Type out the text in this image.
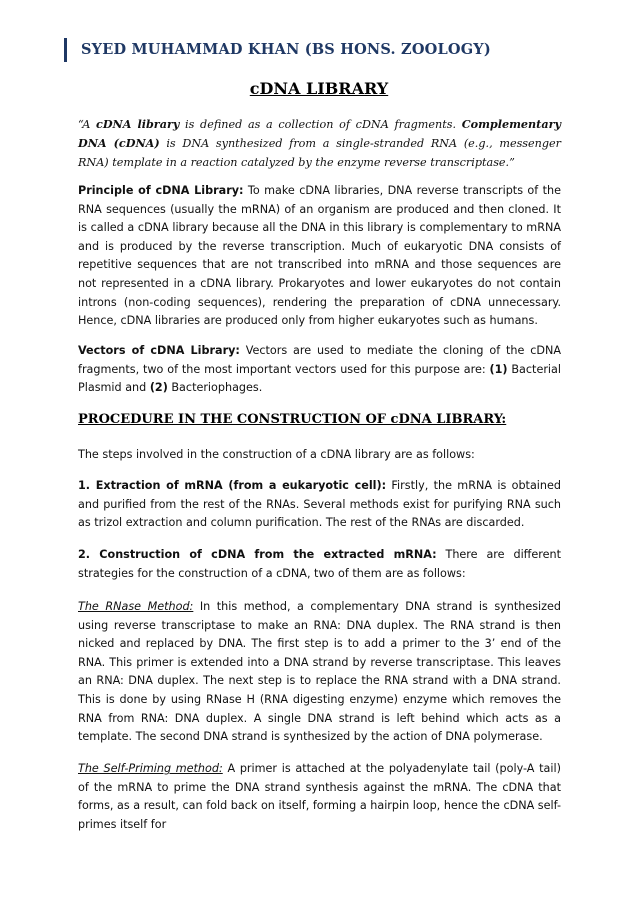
SYED MUHAMMAD KHAN (BS HONS. ZOOLOGY)
cDNA LIBRARY
“A cDNA library is defined as a collection of cDNA fragments. Complementary DNA (cDNA) is DNA synthesized from a single-stranded RNA (e.g., messenger RNA) template in a reaction catalyzed by the enzyme reverse transcriptase.”
Principle of cDNA Library: To make cDNA libraries, DNA reverse transcripts of the RNA sequences (usually the mRNA) of an organism are produced and then cloned. It is called a cDNA library because all the DNA in this library is complementary to mRNA and is produced by the reverse transcription. Much of eukaryotic DNA consists of repetitive sequences that are not transcribed into mRNA and those sequences are not represented in a cDNA library. Prokaryotes and lower eukaryotes do not contain introns (non-coding sequences), rendering the preparation of cDNA unnecessary. Hence, cDNA libraries are produced only from higher eukaryotes such as humans.
Vectors of cDNA Library: Vectors are used to mediate the cloning of the cDNA fragments, two of the most important vectors used for this purpose are: (1) Bacterial Plasmid and (2) Bacteriophages.
PROCEDURE IN THE CONSTRUCTION OF cDNA LIBRARY:
The steps involved in the construction of a cDNA library are as follows:
1. Extraction of mRNA (from a eukaryotic cell): Firstly, the mRNA is obtained and purified from the rest of the RNAs. Several methods exist for purifying RNA such as trizol extraction and column purification. The rest of the RNAs are discarded.
2. Construction of cDNA from the extracted mRNA: There are different strategies for the construction of a cDNA, two of them are as follows:
The RNase Method: In this method, a complementary DNA strand is synthesized using reverse transcriptase to make an RNA: DNA duplex. The RNA strand is then nicked and replaced by DNA. The first step is to add a primer to the 3’ end of the RNA. This primer is extended into a DNA strand by reverse transcriptase. This leaves an RNA: DNA duplex. The next step is to replace the RNA strand with a DNA strand. This is done by using RNase H (RNA digesting enzyme) enzyme which removes the RNA from RNA: DNA duplex. A single DNA strand is left behind which acts as a template. The second DNA strand is synthesized by the action of DNA polymerase.
The Self-Priming method: A primer is attached at the polyadenylate tail (poly-A tail) of the mRNA to prime the DNA strand synthesis against the mRNA. The cDNA that forms, as a result, can fold back on itself, forming a hairpin loop, hence the cDNA self-primes itself for
